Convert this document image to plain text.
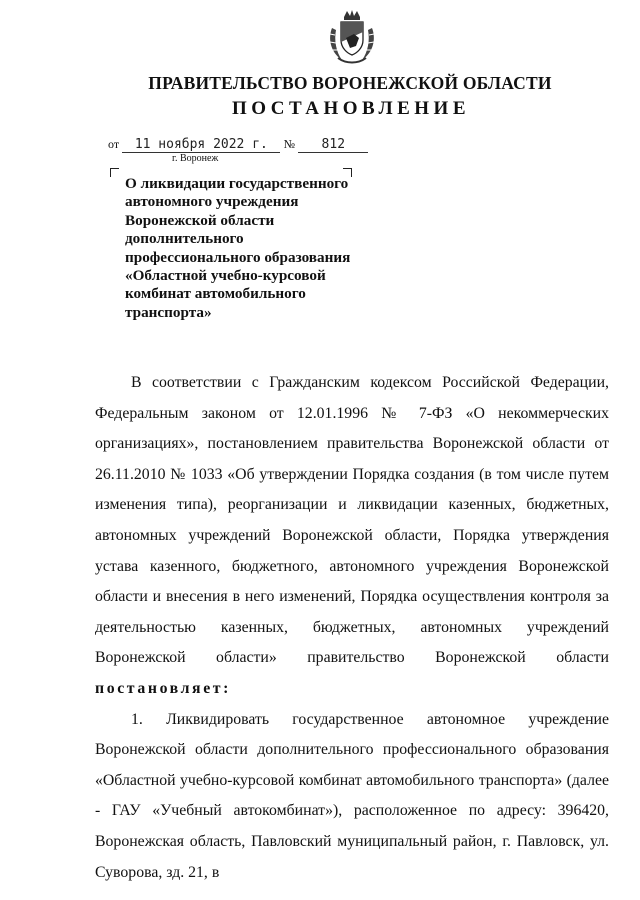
ПРАВИТЕЛЬСТВО ВОРОНЕЖСКОЙ ОБЛАСТИ
ПОСТАНОВЛЕНИЕ
от 11 ноября 2022 г. № 812
г. Воронеж
О ликвидации государственного
автономного учреждения
Воронежской области
дополнительного
профессионального образования
«Областной учебно-курсовой
комбинат автомобильного
транспорта»

В соответствии с Гражданским кодексом Российской Федерации, Федеральным законом от 12.01.1996 № 7-ФЗ «О некоммерческих организациях», постановлением правительства Воронежской области от 26.11.2010 № 1033 «Об утверждении Порядка создания (в том числе путем изменения типа), реорганизации и ликвидации казенных, бюджетных, автономных учреждений Воронежской области, Порядка утверждения устава казенного, бюджетного, автономного учреждения Воронежской области и внесения в него изменений, Порядка осуществления контроля за деятельностью казенных, бюджетных, автономных учреждений Воронежской области» правительство Воронежской области постановляет:

1. Ликвидировать государственное автономное учреждение Воронежской области дополнительного профессионального образования «Областной учебно-курсовой комбинат автомобильного транспорта» (далее - ГАУ «Учебный автокомбинат»), расположенное по адресу: 396420, Воронежская область, Павловский муниципальный район, г. Павловск, ул. Суворова, зд. 21, в
